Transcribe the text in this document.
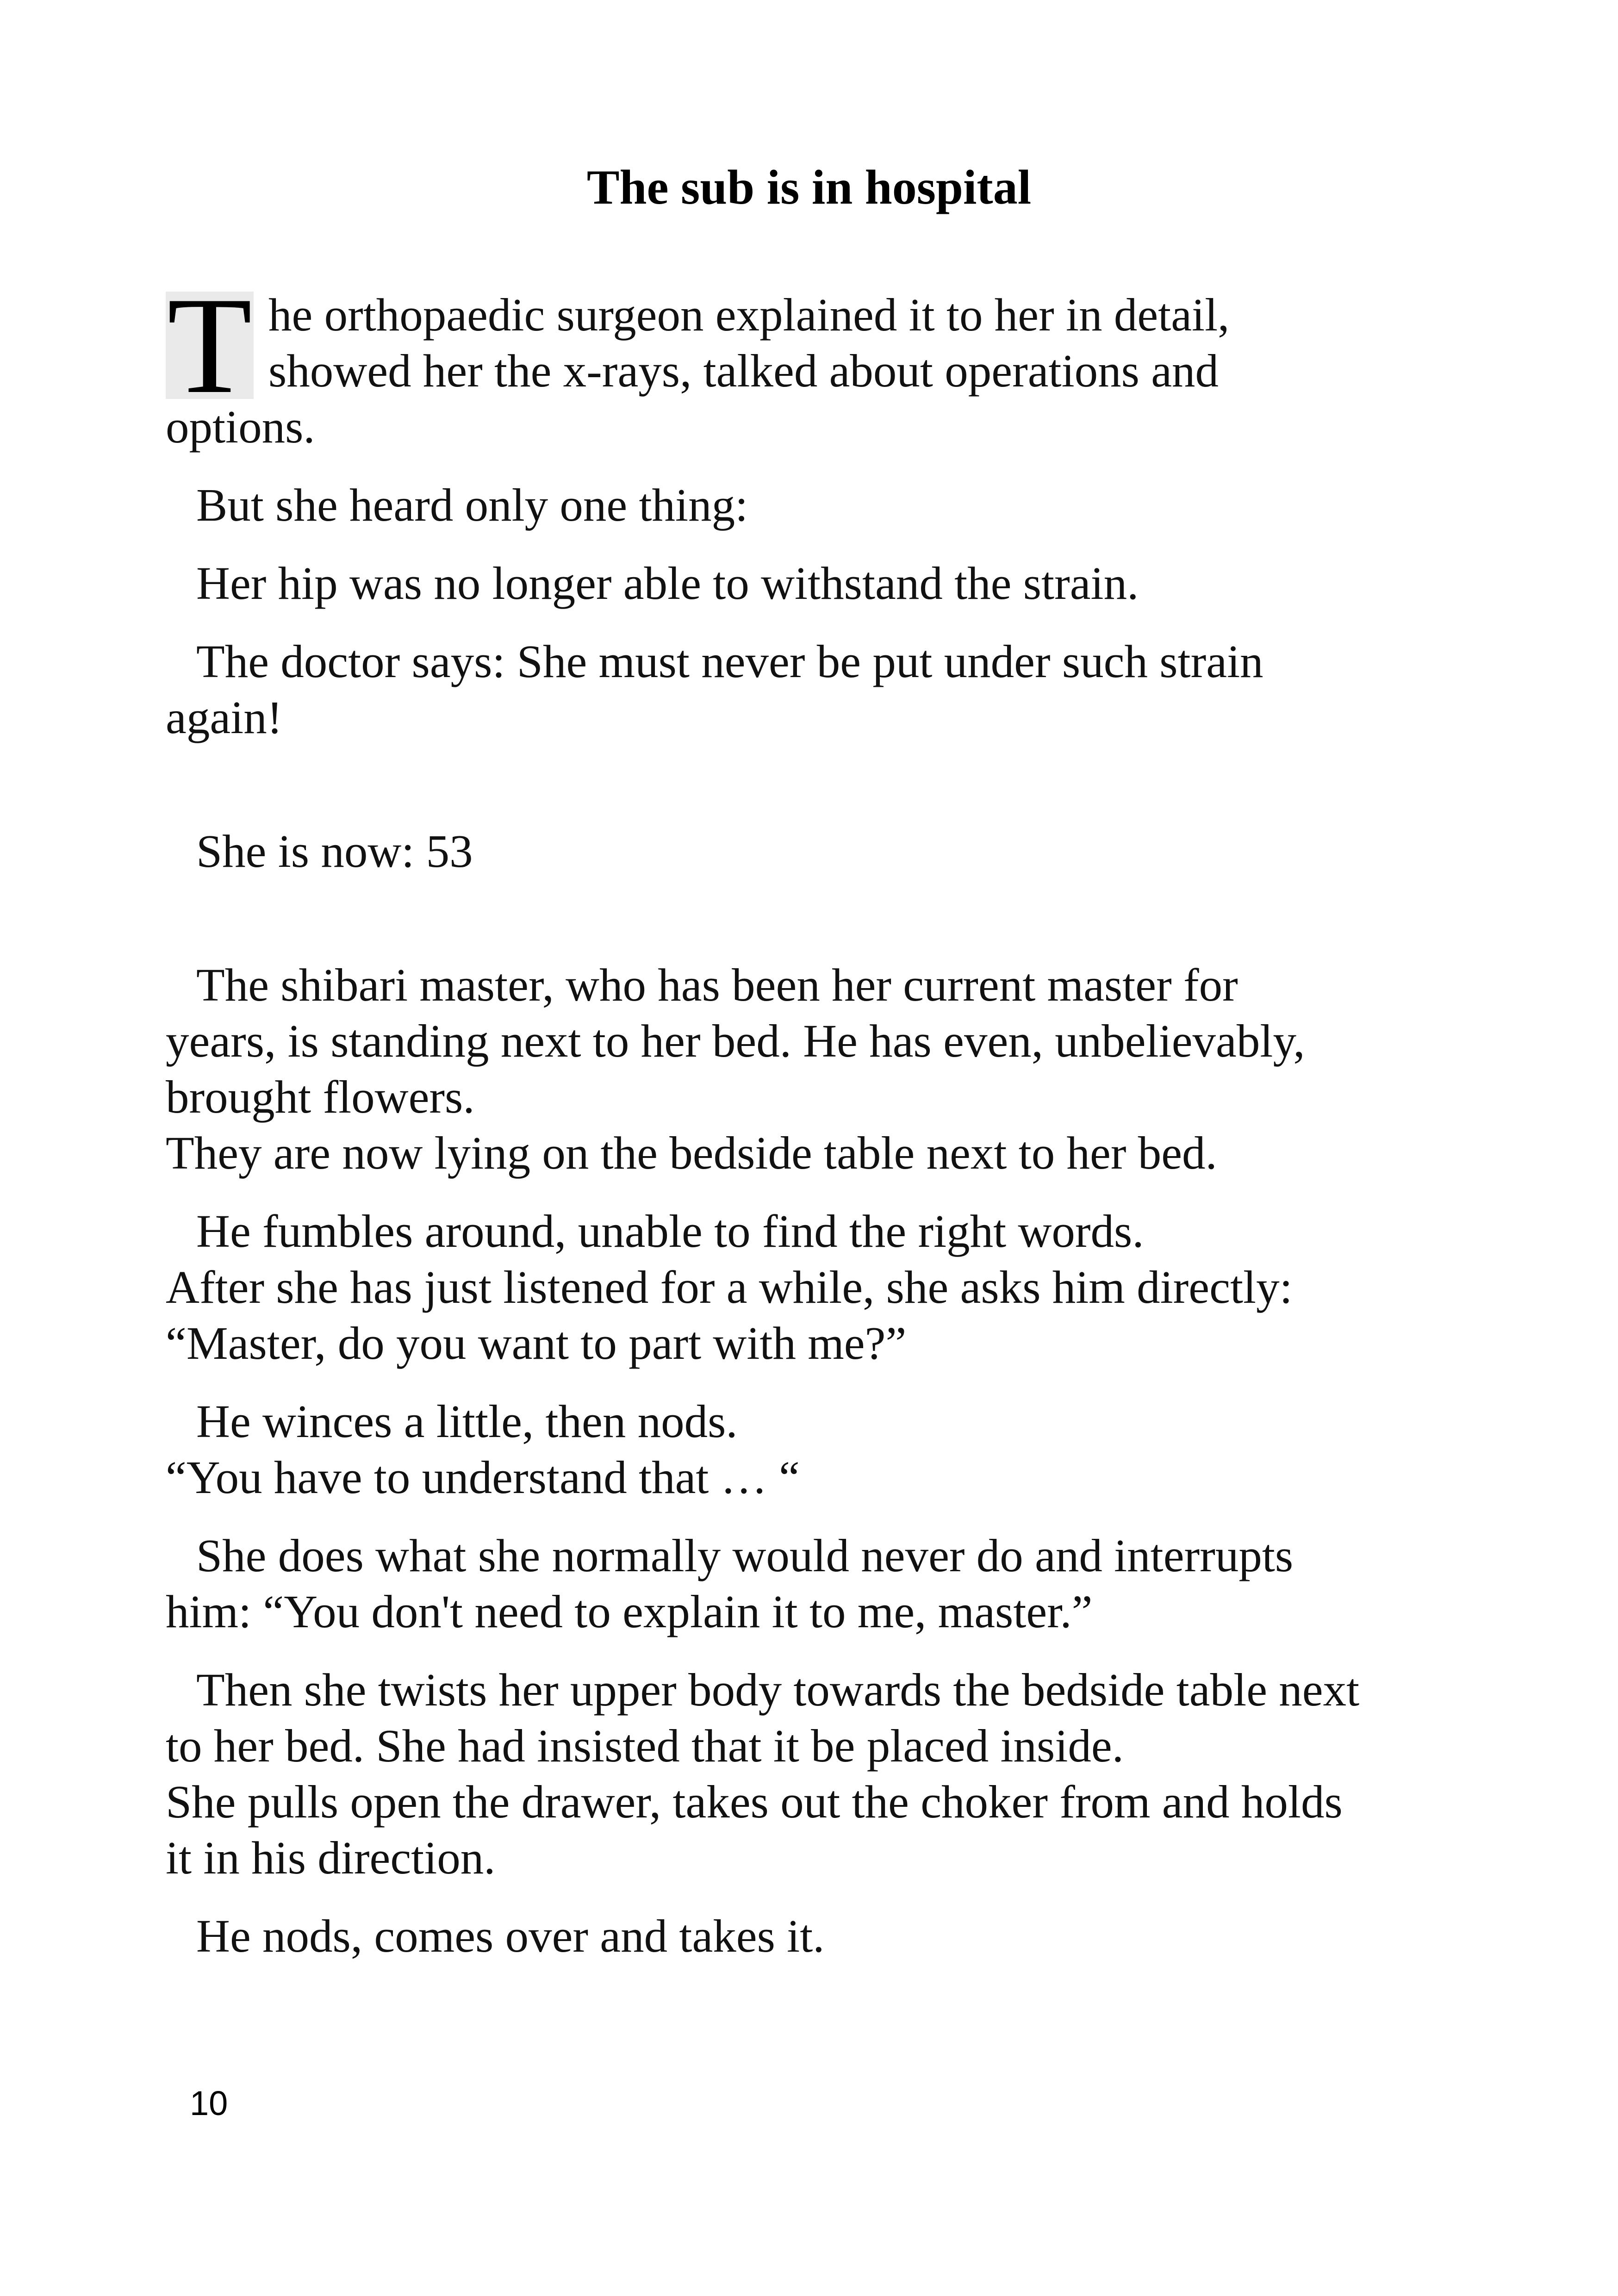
The sub is in hospital
T he orthopaedic surgeon explained it to her in detail,
showed her the x-rays, talked about operations and
options.

But she heard only one thing:

Her hip was no longer able to withstand the strain.

The doctor says: She must never be put under such strain
again!

She is now: 53

The shibari master, who has been her current master for
years, is standing next to her bed. He has even, unbelievably,
brought flowers.
They are now lying on the bedside table next to her bed.
He fumbles around, unable to find the right words.
After she has just listened for a while, she asks him directly:
“Master, do you want to part with me?”
He winces a little, then nods.
“You have to understand that … “
She does what she normally would never do and interrupts
him: “You don't need to explain it to me, master.”
Then she twists her upper body towards the bedside table next
to her bed. She had insisted that it be placed inside.
She pulls open the drawer, takes out the choker from and holds
it in his direction.

He nods, comes over and takes it.

10
